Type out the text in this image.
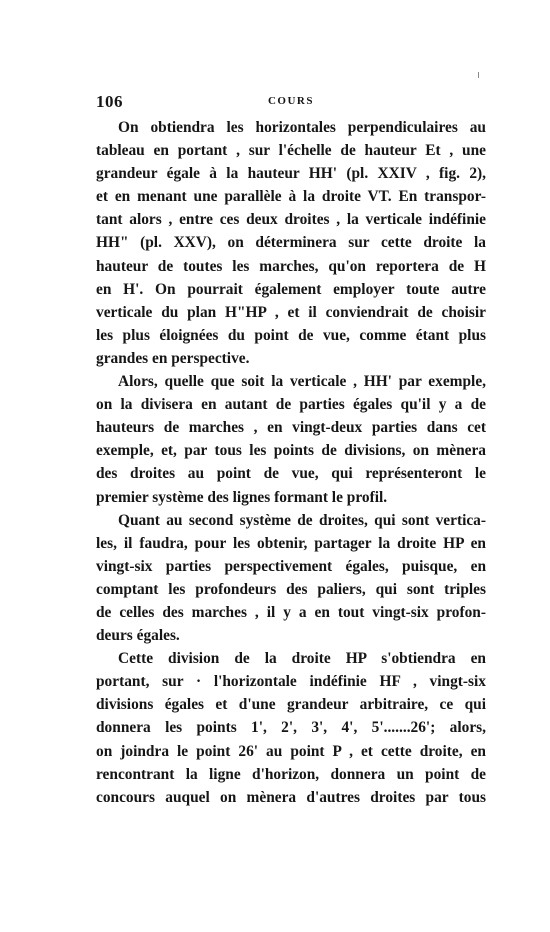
106	COURS
On obtiendra les horizontales perpendiculaires au
tableau en portant , sur l'échelle de hauteur Et , une
grandeur égale à la hauteur HH' (pl. XXIV , fig. 2),
et en menant une parallèle à la droite VT. En transpor-
tant alors , entre ces deux droites , la verticale indéfinie
HH" (pl. XXV), on déterminera sur cette droite la
hauteur de toutes les marches, qu'on reportera de H
en H'. On pourrait également employer toute autre
verticale du plan H"HP , et il conviendrait de choisir
les plus éloignées du point de vue, comme étant plus
grandes en perspective.
Alors, quelle que soit la verticale , HH' par exemple,
on la divisera en autant de parties égales qu'il y a de
hauteurs de marches , en vingt-deux parties dans cet
exemple, et, par tous les points de divisions, on mènera
des droites au point de vue, qui représenteront le
premier système des lignes formant le profil.
Quant au second système de droites, qui sont vertica-
les, il faudra, pour les obtenir, partager la droite HP en
vingt-six parties perspectivement égales, puisque, en
comptant les profondeurs des paliers, qui sont triples
de celles des marches , il y a en tout vingt-six profon-
deurs égales.
Cette division de la droite HP s'obtiendra en
portant, sur · l'horizontale indéfinie HF , vingt-six
divisions égales et d'une grandeur arbitraire, ce qui
donnera les points 1', 2', 3', 4', 5'.......26'; alors,
on joindra le point 26' au point P , et cette droite, en
rencontrant la ligne d'horizon, donnera un point de
concours auquel on mènera d'autres droites par tous
